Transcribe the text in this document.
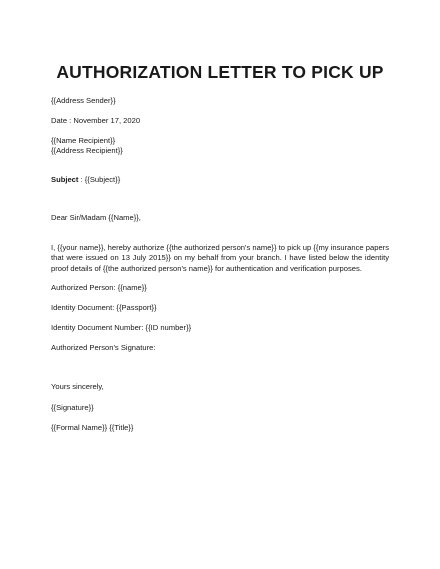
AUTHORIZATION LETTER TO PICK UP
{{Address Sender}}
Date : November 17, 2020
{{Name Recipient}}
{{Address Recipient}}
Subject : {{Subject}}
Dear Sir/Madam {{Name}},
I, {{your name}}, hereby authorize {{the authorized person's name}} to pick up {{my insurance papers that were issued on 13 July 2015}} on my behalf from your branch. I have listed below the identity proof details of {{the authorized person's name}} for authentication and verification purposes.
Authorized Person: {{name}}
Identity Document: {{Passport}}
Identity Document Number: {{ID number}}
Authorized Person's Signature:
Yours sincerely,
{{Signature}}
{{Formal Name}} {{Title}}
